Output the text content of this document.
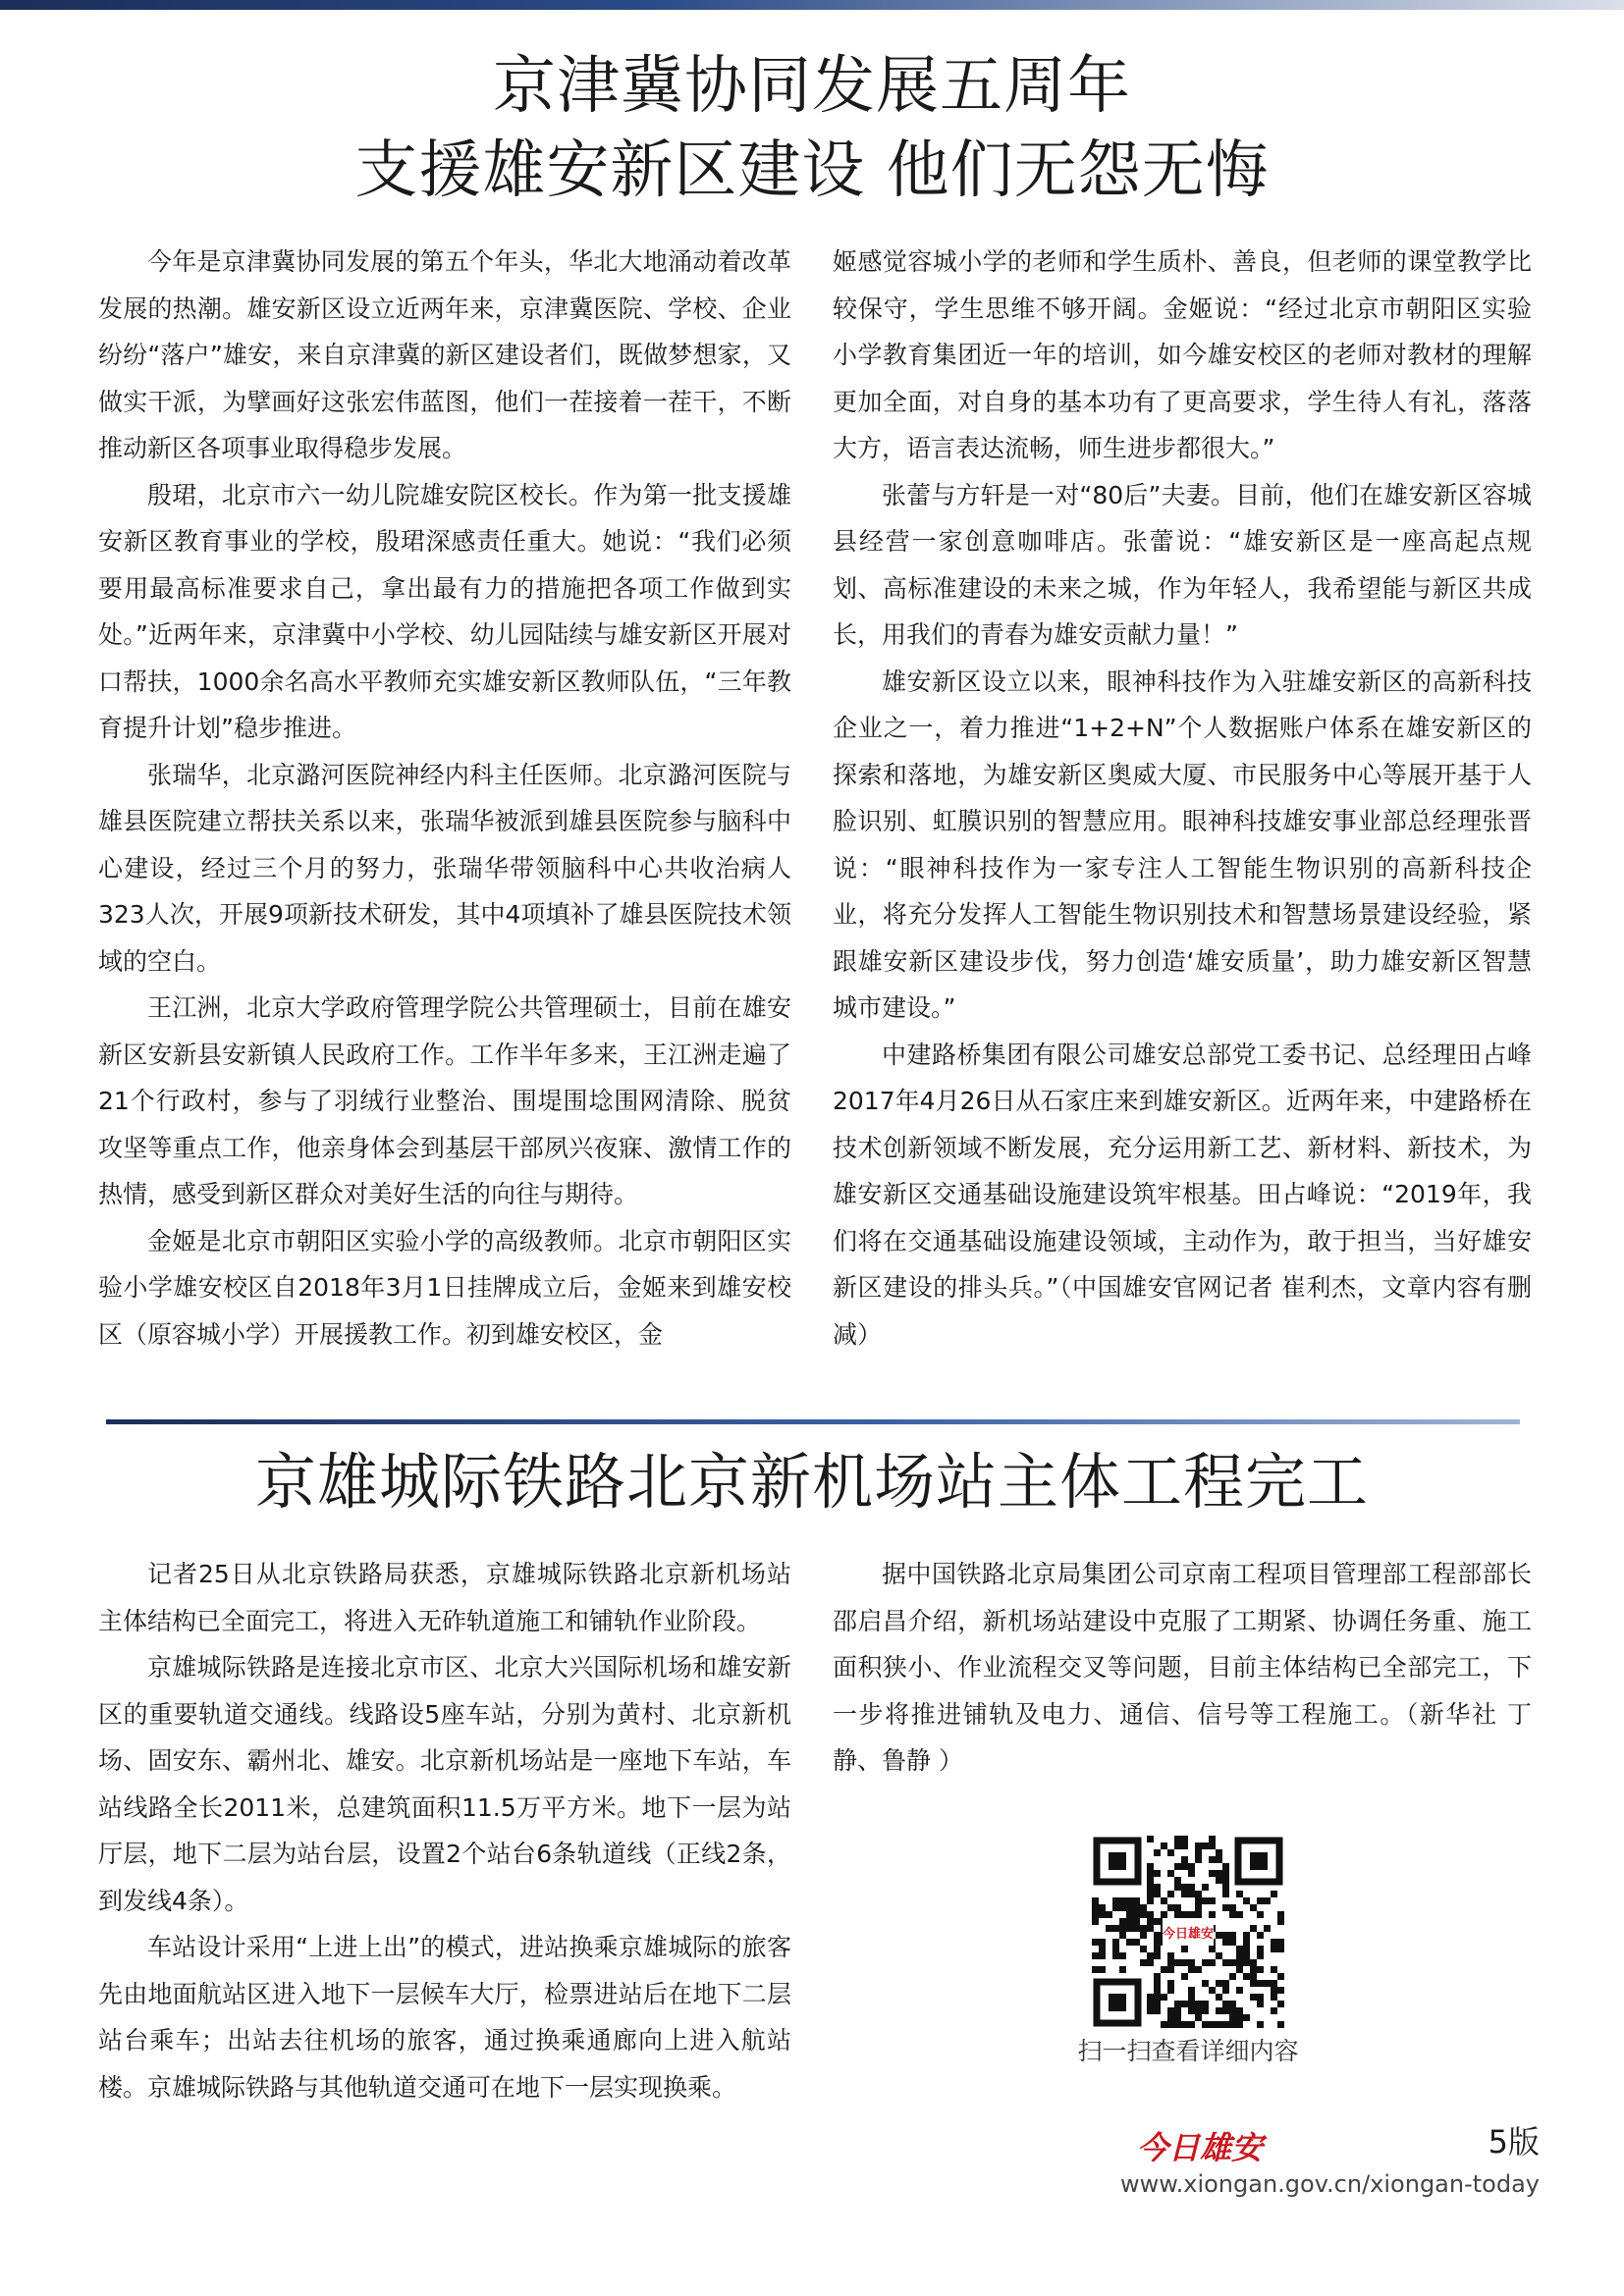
京津冀协同发展五周年
支援雄安新区建设 他们无怨无悔

今年是京津冀协同发展的第五个年头，华北大地涌动着改革发展的热潮。雄安新区设立近两年来，京津冀医院、学校、企业纷纷“落户”雄安，来自京津冀的新区建设者们，既做梦想家，又做实干派，为擘画好这张宏伟蓝图，他们一茬接着一茬干，不断推动新区各项事业取得稳步发展。

殷珺，北京市六一幼儿院雄安院区校长。作为第一批支援雄安新区教育事业的学校，殷珺深感责任重大。她说：“我们必须要用最高标准要求自己，拿出最有力的措施把各项工作做到实处。”近两年来，京津冀中小学校、幼儿园陆续与雄安新区开展对口帮扶，1000余名高水平教师充实雄安新区教师队伍，“三年教育提升计划”稳步推进。

张瑞华，北京潞河医院神经内科主任医师。北京潞河医院与雄县医院建立帮扶关系以来，张瑞华被派到雄县医院参与脑科中心建设，经过三个月的努力，张瑞华带领脑科中心共收治病人323人次，开展9项新技术研发，其中4项填补了雄县医院技术领域的空白。

王江洲，北京大学政府管理学院公共管理硕士，目前在雄安新区安新县安新镇人民政府工作。工作半年多来，王江洲走遍了21个行政村，参与了羽绒行业整治、围堤围埝围网清除、脱贫攻坚等重点工作，他亲身体会到基层干部夙兴夜寐、激情工作的热情，感受到新区群众对美好生活的向往与期待。

金姬是北京市朝阳区实验小学的高级教师。北京市朝阳区实验小学雄安校区自2018年3月1日挂牌成立后，金姬来到雄安校区（原容城小学）开展援教工作。初到雄安校区，金

姬感觉容城小学的老师和学生质朴、善良，但老师的课堂教学比较保守，学生思维不够开阔。金姬说：“经过北京市朝阳区实验小学教育集团近一年的培训，如今雄安校区的老师对教材的理解更加全面，对自身的基本功有了更高要求，学生待人有礼，落落大方，语言表达流畅，师生进步都很大。”

张蕾与方轩是一对“80后”夫妻。目前，他们在雄安新区容城县经营一家创意咖啡店。张蕾说：“雄安新区是一座高起点规划、高标准建设的未来之城，作为年轻人，我希望能与新区共成长，用我们的青春为雄安贡献力量！”

雄安新区设立以来，眼神科技作为入驻雄安新区的高新科技企业之一，着力推进“1+2+N”个人数据账户体系在雄安新区的探索和落地，为雄安新区奥威大厦、市民服务中心等展开基于人脸识别、虹膜识别的智慧应用。眼神科技雄安事业部总经理张晋说：“眼神科技作为一家专注人工智能生物识别的高新科技企业，将充分发挥人工智能生物识别技术和智慧场景建设经验，紧跟雄安新区建设步伐，努力创造‘雄安质量’，助力雄安新区智慧城市建设。”

中建路桥集团有限公司雄安总部党工委书记、总经理田占峰2017年4月26日从石家庄来到雄安新区。近两年来，中建路桥在技术创新领域不断发展，充分运用新工艺、新材料、新技术，为雄安新区交通基础设施建设筑牢根基。田占峰说：“2019年，我们将在交通基础设施建设领域，主动作为，敢于担当，当好雄安新区建设的排头兵。”（中国雄安官网记者 崔利杰，文章内容有删减）

京雄城际铁路北京新机场站主体工程完工

记者25日从北京铁路局获悉，京雄城际铁路北京新机场站主体结构已全面完工，将进入无砟轨道施工和铺轨作业阶段。

京雄城际铁路是连接北京市区、北京大兴国际机场和雄安新区的重要轨道交通线。线路设5座车站，分别为黄村、北京新机场、固安东、霸州北、雄安。北京新机场站是一座地下车站，车站线路全长2011米，总建筑面积11.5万平方米。地下一层为站厅层，地下二层为站台层，设置2个站台6条轨道线（正线2条，到发线4条）。

车站设计采用“上进上出”的模式，进站换乘京雄城际的旅客先由地面航站区进入地下一层候车大厅，检票进站后在地下二层站台乘车；出站去往机场的旅客，通过换乘通廊向上进入航站楼。京雄城际铁路与其他轨道交通可在地下一层实现换乘。

据中国铁路北京局集团公司京南工程项目管理部工程部部长邵启昌介绍，新机场站建设中克服了工期紧、协调任务重、施工面积狭小、作业流程交叉等问题，目前主体结构已全部完工，下一步将推进铺轨及电力、通信、信号等工程施工。（新华社 丁静、鲁静 ）

今日雄安
扫一扫查看详细内容
今日雄安	5版
www.xiongan.gov.cn/xiongan-today
